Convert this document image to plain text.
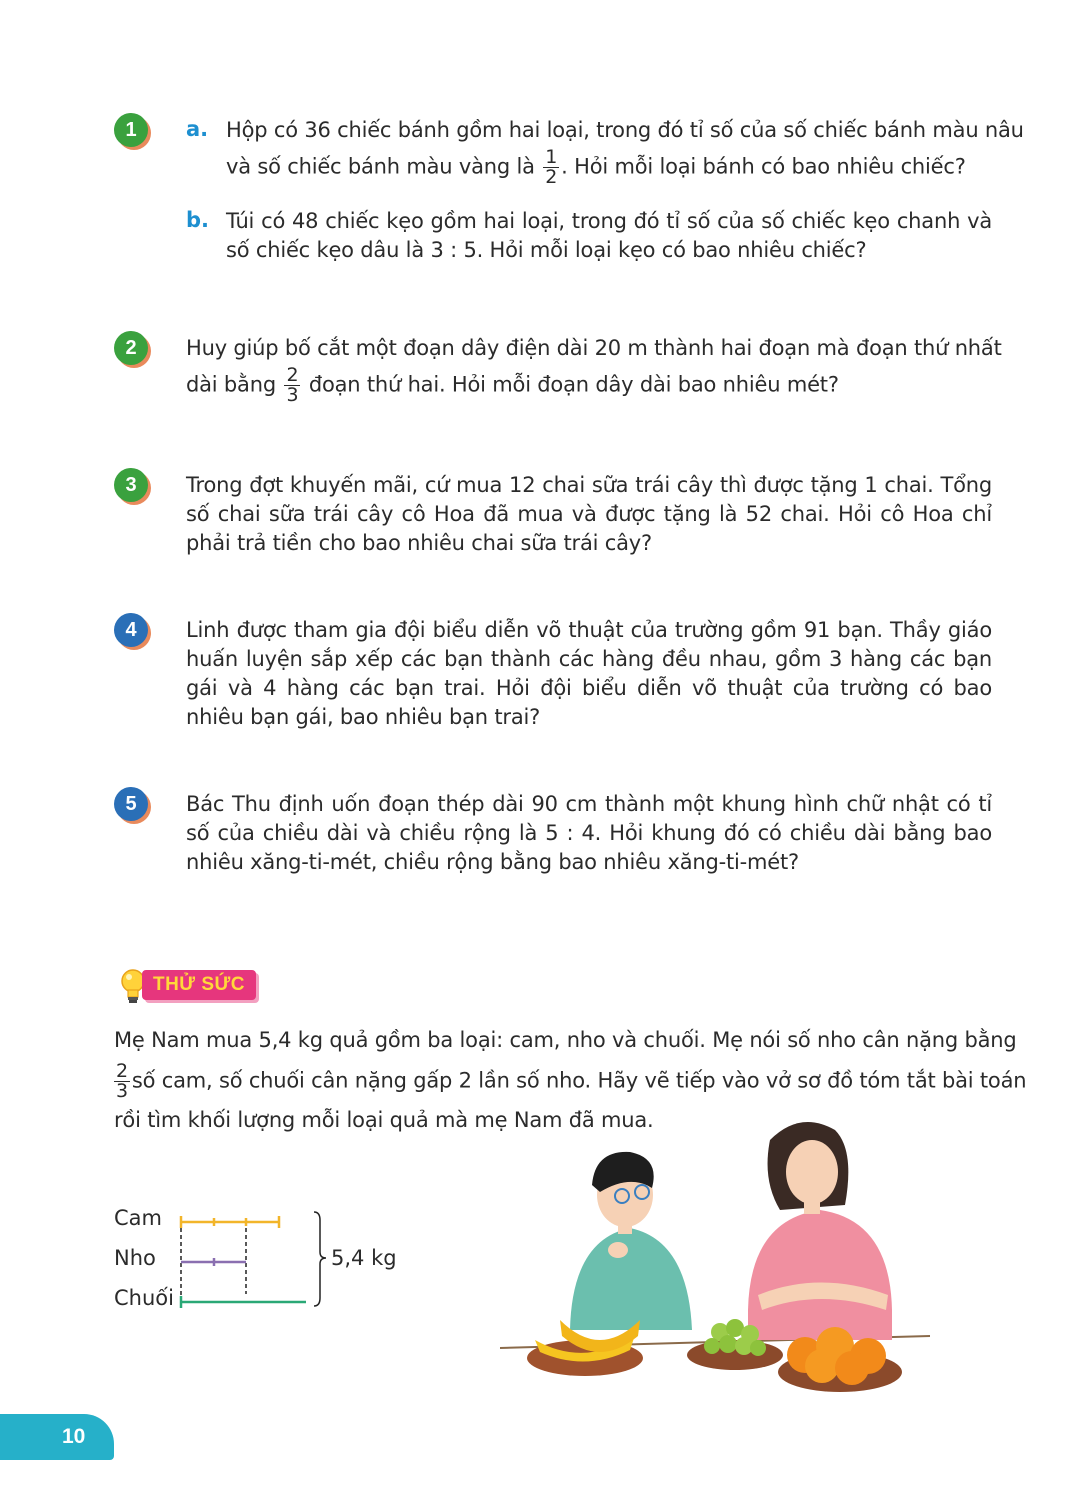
1 a. Hộp có 36 chiếc bánh gồm hai loại, trong đó tỉ số của số chiếc bánh màu nâu
và số chiếc bánh màu vàng là $\frac{1}{2}$ . Hỏi mỗi loại bánh có bao nhiêu chiếc?
b. Túi có 48 chiếc kẹo gồm hai loại, trong đó tỉ số của số chiếc kẹo chanh và số chiếc kẹo dâu là 3 : 5. Hỏi mỗi loại kẹo có bao nhiêu chiếc?
2 Huy giúp bố cắt một đoạn dây điện dài 20 m thành hai đoạn mà đoạn thứ nhất
dài bằng $\frac{2}{3}$ đoạn thứ hai. Hỏi mỗi đoạn dây dài bao nhiêu mét?
3 Trong đợt khuyến mãi, cứ mua 12 chai sữa trái cây thì được tặng 1 chai. Tổng số chai sữa trái cây cô Hoa đã mua và được tặng là 52 chai. Hỏi cô Hoa chỉ phải trả tiền cho bao nhiêu chai sữa trái cây?
4 Linh được tham gia đội biểu diễn võ thuật của trường gồm 91 bạn. Thầy giáo huấn luyện sắp xếp các bạn thành các hàng đều nhau, gồm 3 hàng các bạn gái và 4 hàng các bạn trai. Hỏi đội biểu diễn võ thuật của trường có bao nhiêu bạn gái, bao nhiêu bạn trai?
5 Bác Thu định uốn đoạn thép dài 90 cm thành một khung hình chữ nhật có tỉ số của chiều dài và chiều rộng là 5 : 4. Hỏi khung đó có chiều dài bằng bao nhiêu xăng-ti-mét, chiều rộng bằng bao nhiêu xăng-ti-mét?
THỬ SỨC
Mẹ Nam mua 5,4 kg quả gồm ba loại: cam, nho và chuối. Mẹ nói số nho cân nặng bằng
$\frac{2}{3}$ số cam, số chuối cân nặng gấp 2 lần số nho. Hãy vẽ tiếp vào vở sơ đồ tóm tắt bài toán
rồi tìm khối lượng mỗi loại quả mà mẹ Nam đã mua.
Cam
Nho
Chuối
5,4 kg
10
